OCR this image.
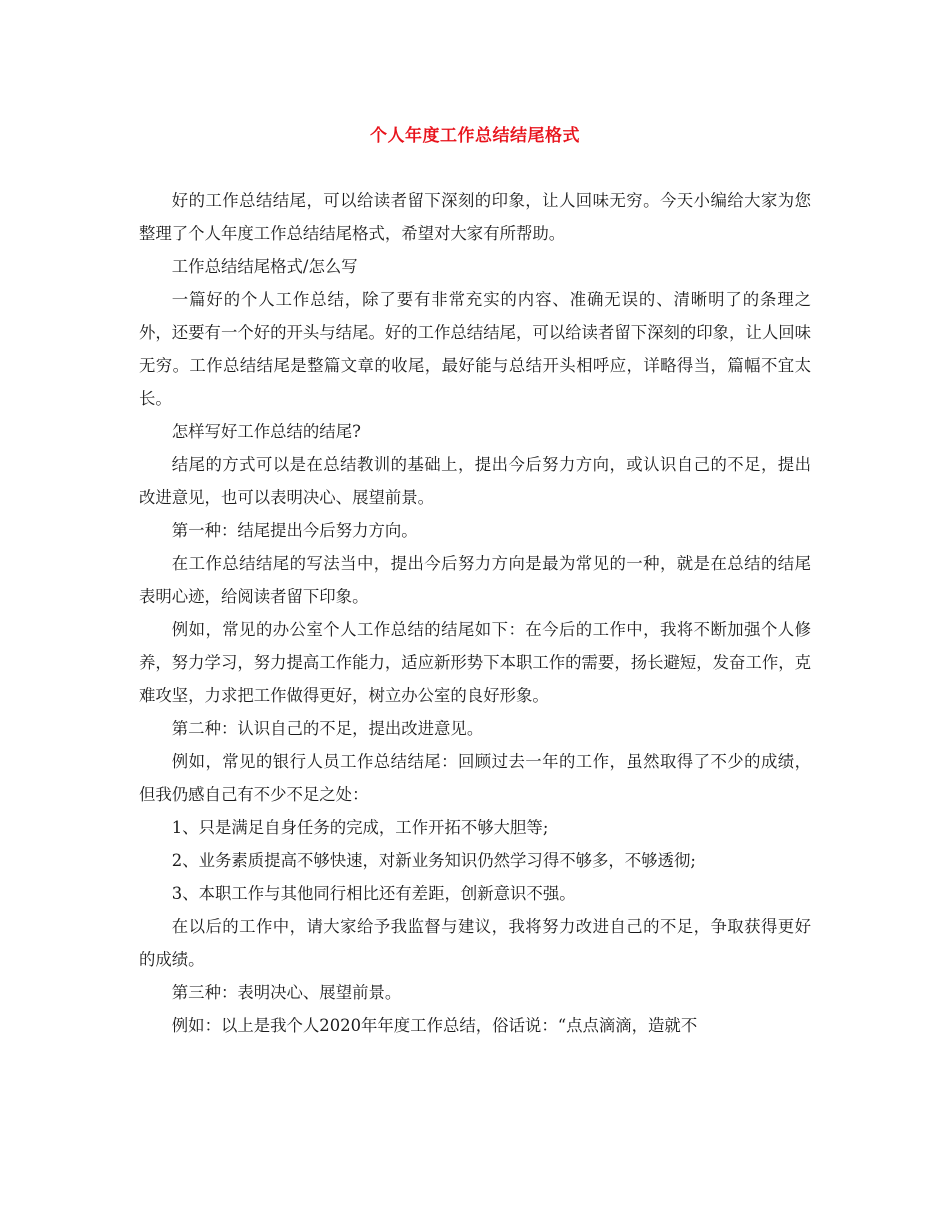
个人年度工作总结结尾格式

好的工作总结结尾，可以给读者留下深刻的印象，让人回味无穷。今天小编给大家为您整理了个人年度工作总结结尾格式，希望对大家有所帮助。

工作总结结尾格式/怎么写

一篇好的个人工作总结，除了要有非常充实的内容、准确无误的、清晰明了的条理之外，还要有一个好的开头与结尾。好的工作总结结尾，可以给读者留下深刻的印象，让人回味无穷。工作总结结尾是整篇文章的收尾，最好能与总结开头相呼应，详略得当，篇幅不宜太长。

怎样写好工作总结的结尾?

结尾的方式可以是在总结教训的基础上，提出今后努力方向，或认识自己的不足，提出改进意见，也可以表明决心、展望前景。

第一种：结尾提出今后努力方向。

在工作总结结尾的写法当中，提出今后努力方向是最为常见的一种，就是在总结的结尾表明心迹，给阅读者留下印象。

例如，常见的办公室个人工作总结的结尾如下：在今后的工作中，我将不断加强个人修养，努力学习，努力提高工作能力，适应新形势下本职工作的需要，扬长避短，发奋工作，克难攻坚，力求把工作做得更好，树立办公室的良好形象。

第二种：认识自己的不足，提出改进意见。

例如，常见的银行人员工作总结结尾：回顾过去一年的工作，虽然取得了不少的成绩，但我仍感自己有不少不足之处：

1、只是满足自身任务的完成，工作开拓不够大胆等;

2、业务素质提高不够快速，对新业务知识仍然学习得不够多，不够透彻;

3、本职工作与其他同行相比还有差距，创新意识不强。

在以后的工作中，请大家给予我监督与建议，我将努力改进自己的不足，争取获得更好的成绩。

第三种：表明决心、展望前景。

例如：以上是我个人2020年年度工作总结，俗话说：“点点滴滴，造就不
